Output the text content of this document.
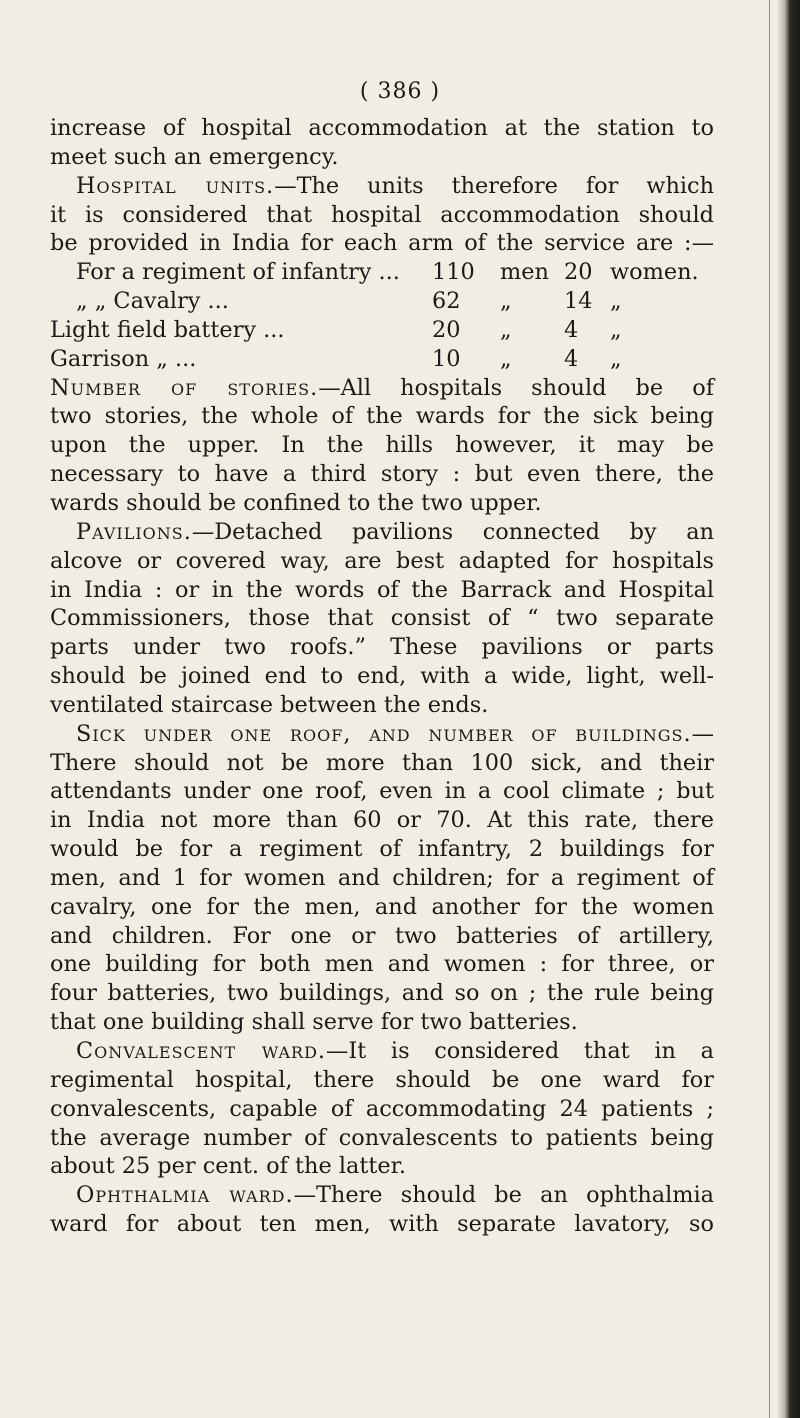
( 386 )
increase of hospital accommodation at the station to
meet such an emergency.
Hospital units.—The units therefore for which
it is considered that hospital accommodation should
be provided in India for each arm of the service are :—
For a regiment of infantry ...	110	men 20 women.
„ „ Cavalry ...	62	„	14 „
Light field battery ...	20	„	4	„
Garrison „ ...	10	„	4	„
Number of stories.—All hospitals should be of
two stories, the whole of the wards for the sick being
upon the upper. In the hills however, it may be
necessary to have a third story : but even there, the
wards should be confined to the two upper.
Pavilions.—Detached pavilions connected by an
alcove or covered way, are best adapted for hospitals
in India : or in the words of the Barrack and Hospital
Commissioners, those that consist of “ two separate
parts under two roofs.” These pavilions or parts
should be joined end to end, with a wide, light, well-
ventilated staircase between the ends.
Sick under one roof, and number of buildings.—
There should not be more than 100 sick, and their
attendants under one roof, even in a cool climate ; but
in India not more than 60 or 70. At this rate, there
would be for a regiment of infantry, 2 buildings for
men, and 1 for women and children; for a regiment of
cavalry, one for the men, and another for the women
and children. For one or two batteries of artillery,
one building for both men and women : for three, or
four batteries, two buildings, and so on ; the rule being
that one building shall serve for two batteries.
Convalescent ward.—It is considered that in a
regimental hospital, there should be one ward for
convalescents, capable of accommodating 24 patients ;
the average number of convalescents to patients being
about 25 per cent. of the latter.
Ophthalmia ward.—There should be an ophthalmia
ward for about ten men, with separate lavatory, so
